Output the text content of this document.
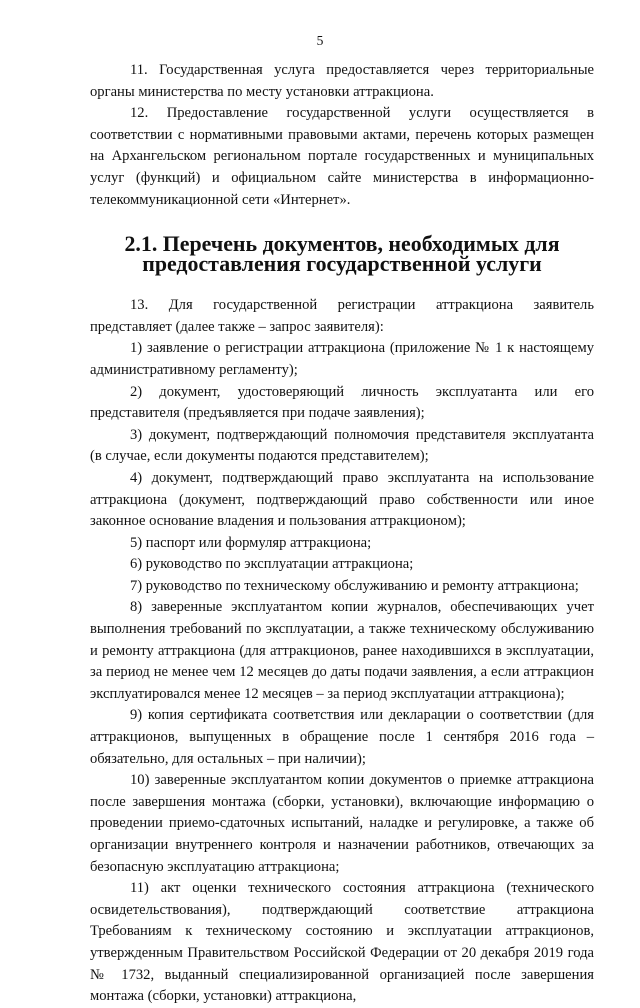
5

11. Государственная услуга предоставляется через территориальные органы министерства по месту установки аттракциона.

12. Предоставление государственной услуги осуществляется в соответствии с нормативными правовыми актами, перечень которых размещен на Архангельском региональном портале государственных и муниципальных услуг (функций) и официальном сайте министерства в информационно-телекоммуникационной сети «Интернет».

2.1. Перечень документов, необходимых для предоставления государственной услуги

13. Для государственной регистрации аттракциона заявитель представляет (далее также – запрос заявителя):

1) заявление о регистрации аттракциона (приложение № 1 к настоящему административному регламенту);

2) документ, удостоверяющий личность эксплуатанта или его представителя (предъявляется при подаче заявления);

3) документ, подтверждающий полномочия представителя эксплуатанта (в случае, если документы подаются представителем);

4) документ, подтверждающий право эксплуатанта на использование аттракциона (документ, подтверждающий право собственности или иное законное основание владения и пользования аттракционом);

5) паспорт или формуляр аттракциона;

6) руководство по эксплуатации аттракциона;

7) руководство по техническому обслуживанию и ремонту аттракциона;

8) заверенные эксплуатантом копии журналов, обеспечивающих учет выполнения требований по эксплуатации, а также техническому обслуживанию и ремонту аттракциона (для аттракционов, ранее находившихся в эксплуатации, за период не менее чем 12 месяцев до даты подачи заявления, а если аттракцион эксплуатировался менее 12 месяцев – за период эксплуатации аттракциона);

9) копия сертификата соответствия или декларации о соответствии (для аттракционов, выпущенных в обращение после 1 сентября 2016 года – обязательно, для остальных – при наличии);

10) заверенные эксплуатантом копии документов о приемке аттракциона после завершения монтажа (сборки, установки), включающие информацию о проведении приемо-сдаточных испытаний, наладке и регулировке, а также об организации внутреннего контроля и назначении работников, отвечающих за безопасную эксплуатацию аттракциона;

11) акт оценки технического состояния аттракциона (технического освидетельствования), подтверждающий соответствие аттракциона Требованиям к техническому состоянию и эксплуатации аттракционов, утвержденным Правительством Российской Федерации от 20 декабря 2019 года № 1732, выданный специализированной организацией после завершения монтажа (сборки, установки) аттракциона,
